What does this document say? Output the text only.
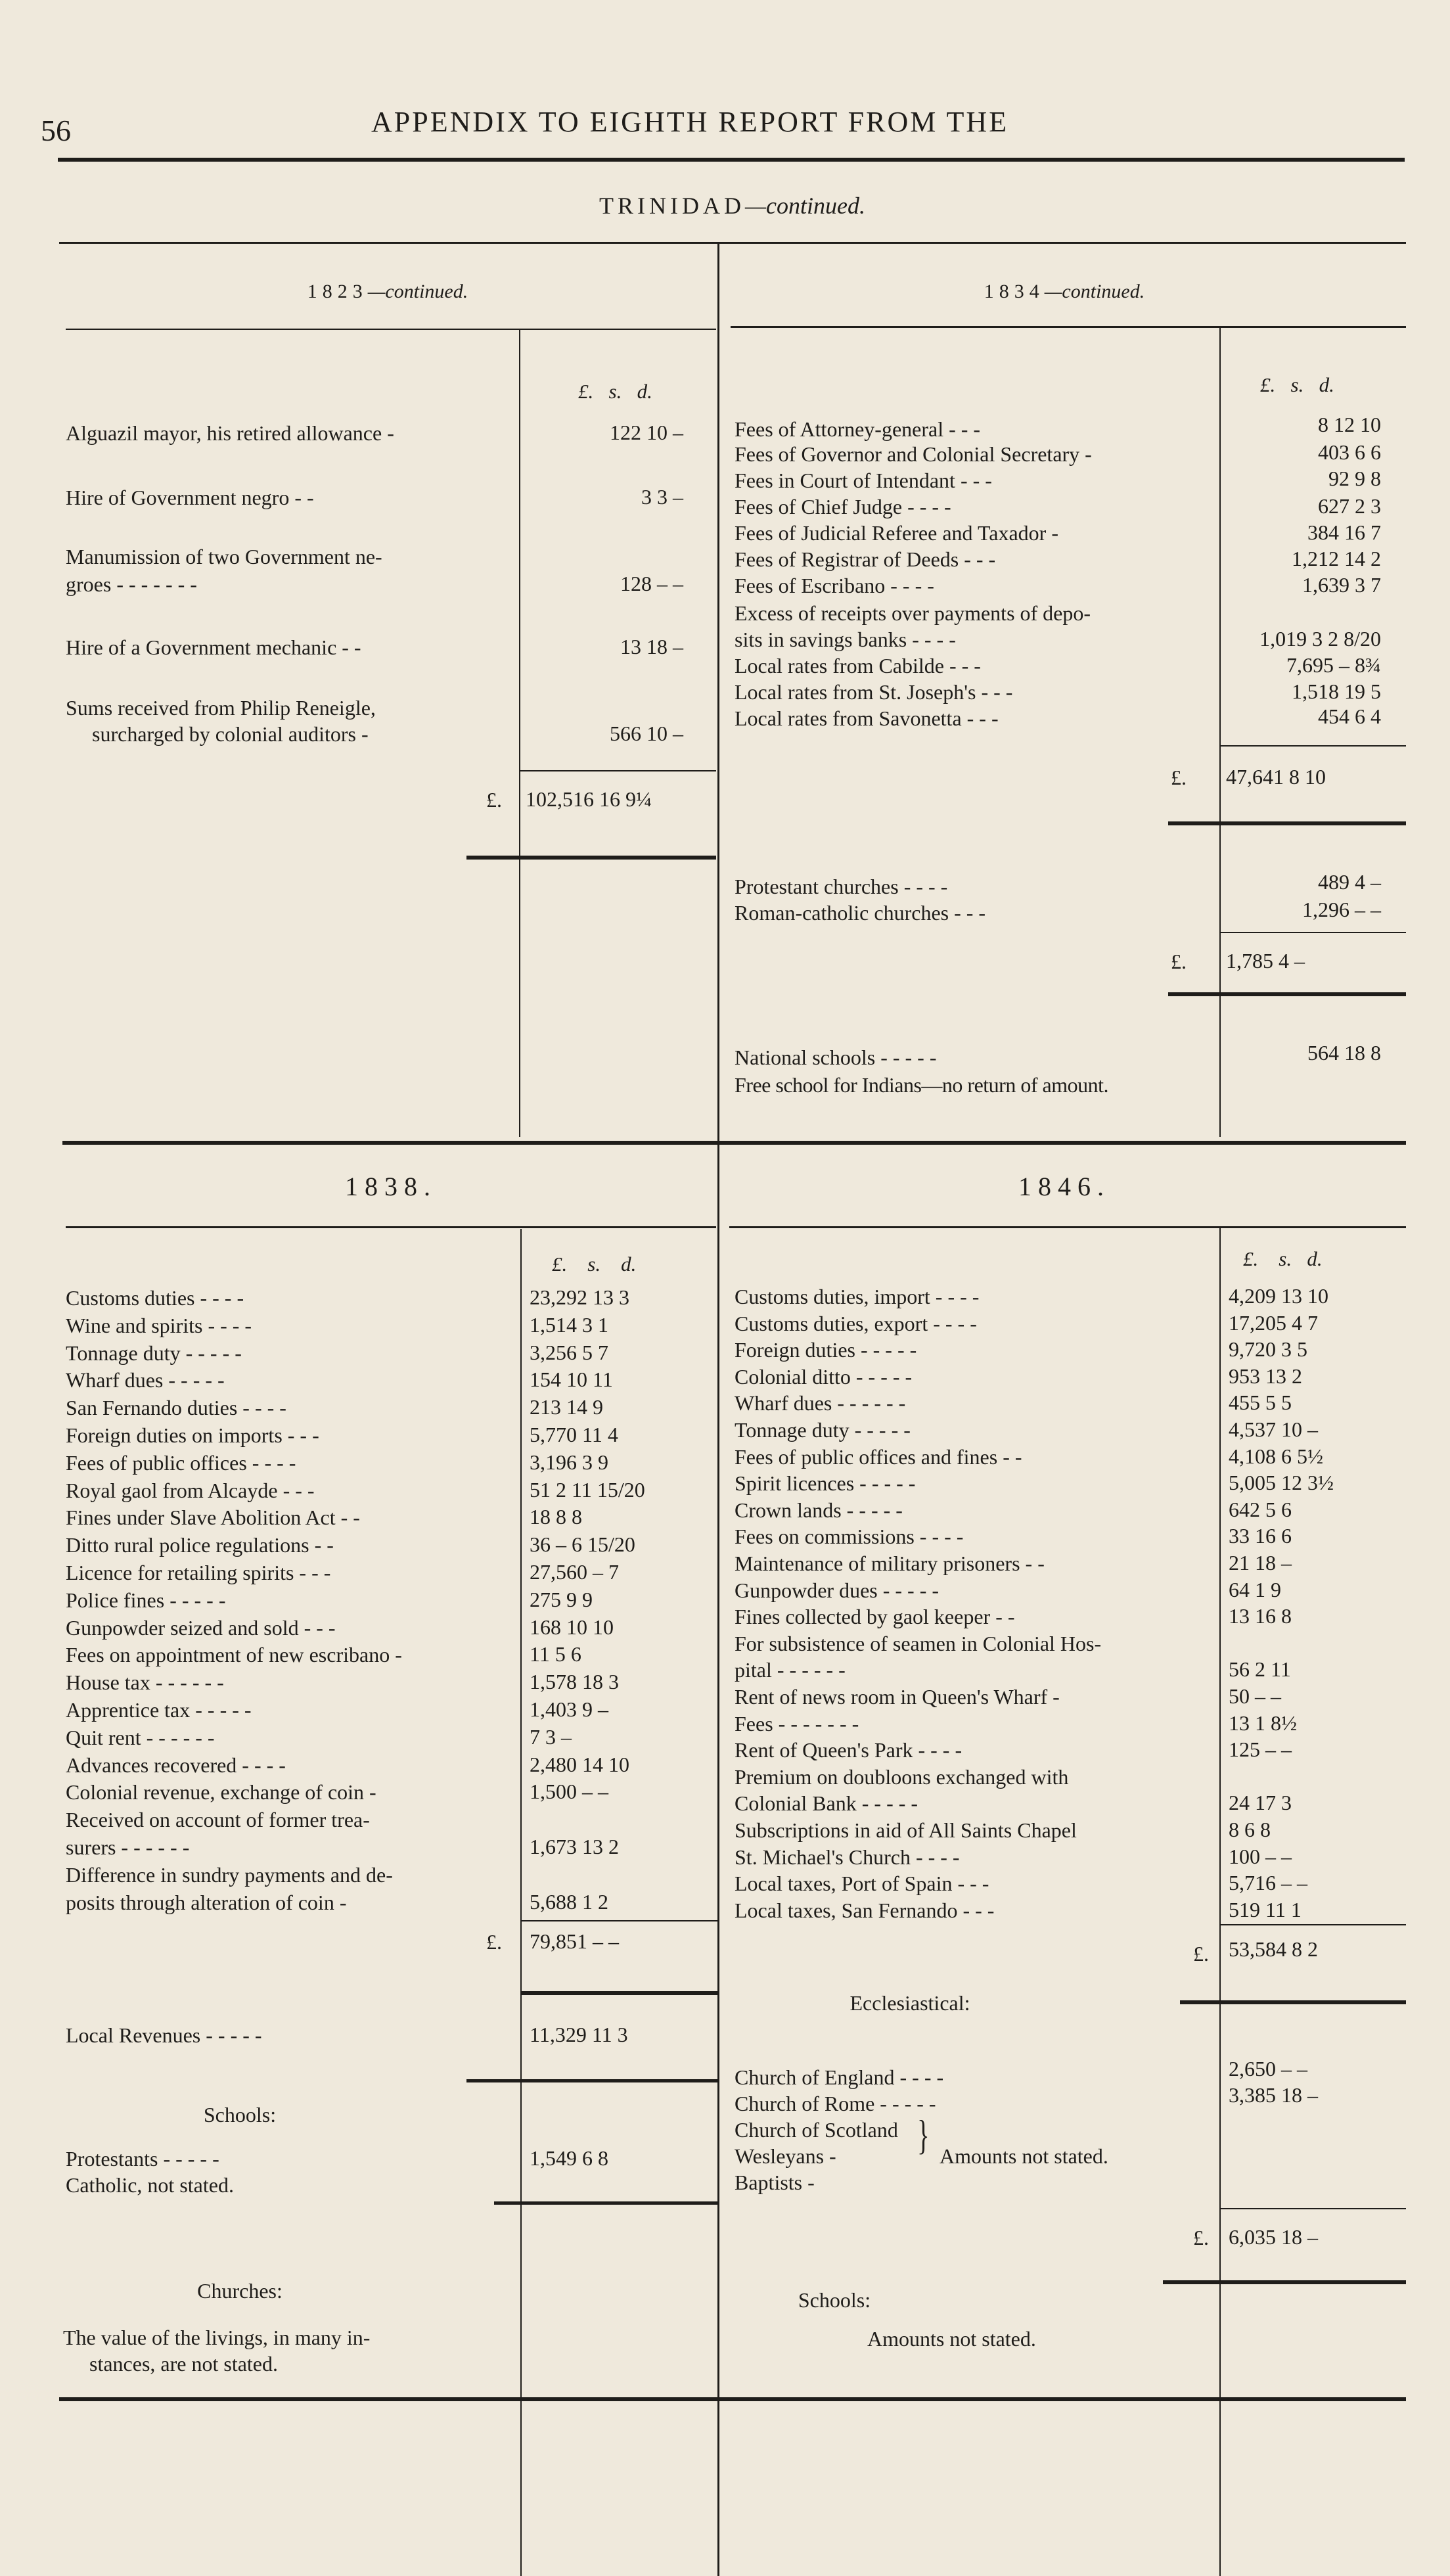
56	APPENDIX TO EIGHTH REPORT FROM THE
TRINIDAD—continued.
1823—continued.
£. s. d.
Alguazil mayor, his retired allowance -	122 10 –
Hire of Government negro - -	3 3 –
Manumission of two Government ne-
groes - - - - - - -	128 – –
Hire of a Government mechanic - -	13 18 –
Sums received from Philip Reneigle,
surcharged by colonial auditors -	566 10 –
£. 102,516 16 9¼
1834—continued.
£. s. d.
Fees of Attorney-general - - -	8 12 10
Fees of Governor and Colonial Secretary -	403 6 6
Fees in Court of Intendant - - -	92 9 8
Fees of Chief Judge - - - -	627 2 3
Fees of Judicial Referee and Taxador -	384 16 7
Fees of Registrar of Deeds - - -	1,212 14 2
Fees of Escribano - - - -	1,639 3 7
Excess of receipts over payments of depo-
sits in savings banks - - - -	1,019 3 2 8/20
Local rates from Cabilde - - -	7,695 – 8¾
Local rates from St. Joseph's - - -	1,518 19 5
Local rates from Savonetta - - -	454 6 4
£. 47,641 8 10
Protestant churches - - - -	489 4 –
Roman-catholic churches - - -	1,296 – –
£. 1,785 4 –
National schools - - - - -	564 18 8
Free school for Indians—no return of amount.
1838.
£. s. d.
Customs duties - - - -	23,292 13 3
Wine and spirits - - - -	1,514 3 1
Tonnage duty - - - - -	3,256 5 7
Wharf dues - - - - -	154 10 11
San Fernando duties - - - -	213 14 9
Foreign duties on imports - - -	5,770 11 4
Fees of public offices - - - -	3,196 3 9
Royal gaol from Alcayde - - -	51 2 11 15/20
Fines under Slave Abolition Act - -	18 8 8
Ditto rural police regulations - -	36 – 6 15/20
Licence for retailing spirits - - -	27,560 – 7
Police fines - - - - -	275 9 9
Gunpowder seized and sold - - -	168 10 10
Fees on appointment of new escribano -	11 5 6
House tax - - - - - -	1,578 18 3
Apprentice tax - - - - -	1,403 9 –
Quit rent - - - - - -	7 3 –
Advances recovered - - - -	2,480 14 10
Colonial revenue, exchange of coin -	1,500 – –
Received on account of former trea-
surers - - - - - -	1,673 13 2
Difference in sundry payments and de-
posits through alteration of coin -	5,688 1 2
£. 79,851 – –
Local Revenues - - - - -	11,329 11 3
Schools:
Protestants - - - - -	1,549 6 8
Catholic, not stated.
Churches:
The value of the livings, in many in-
stances, are not stated.
1846.
£. s. d.
Customs duties, import - - - -	4,209 13 10
Customs duties, export - - - -	17,205 4 7
Foreign duties - - - - -	9,720 3 5
Colonial ditto - - - - -	953 13 2
Wharf dues - - - - - -	455 5 5
Tonnage duty - - - - -	4,537 10 –
Fees of public offices and fines - -	4,108 6 5½
Spirit licences - - - - -	5,005 12 3½
Crown lands - - - - -	642 5 6
Fees on commissions - - - -	33 16 6
Maintenance of military prisoners - -	21 18 –
Gunpowder dues - - - - -	64 1 9
Fines collected by gaol keeper - -	13 16 8
For subsistence of seamen in Colonial Hos-
pital - - - - - -	56 2 11
Rent of news room in Queen's Wharf -	50 – –
Fees - - - - - - -	13 1 8½
Rent of Queen's Park - - - -	125 – –
Premium on doubloons exchanged with
Colonial Bank - - - - -	24 17 3
Subscriptions in aid of All Saints Chapel	8 6 8
St. Michael's Church - - - -	100 – –
Local taxes, Port of Spain - - -	5,716 – –
Local taxes, San Fernando - - -	519 11 1
£. 53,584 8 2
Ecclesiastical:
Church of England - - - -	2,650 – –
Church of Rome - - - - -	3,385 18 –
Church of Scotland
Wesleyans -
Baptists -
} Amounts not stated.
£. 6,035 18 –
Schools:
Amounts not stated.
